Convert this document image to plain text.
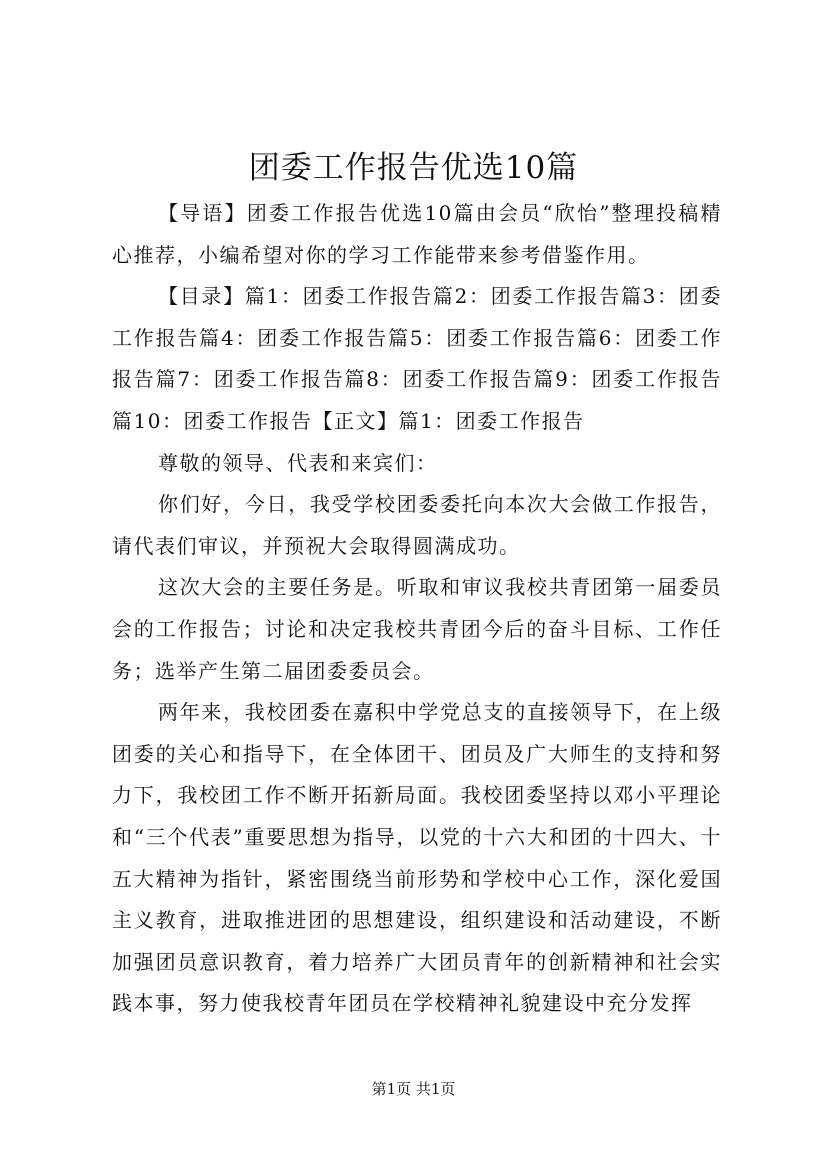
团委工作报告优选10篇

【导语】团委工作报告优选10篇由会员“欣怡”整理投稿精心推荐，小编希望对你的学习工作能带来参考借鉴作用。

【目录】篇1：团委工作报告篇2：团委工作报告篇3：团委工作报告篇4：团委工作报告篇5：团委工作报告篇6：团委工作报告篇7：团委工作报告篇8：团委工作报告篇9：团委工作报告篇10：团委工作报告【正文】篇1：团委工作报告

尊敬的领导、代表和来宾们：

你们好，今日，我受学校团委委托向本次大会做工作报告，请代表们审议，并预祝大会取得圆满成功。

这次大会的主要任务是。听取和审议我校共青团第一届委员会的工作报告；讨论和决定我校共青团今后的奋斗目标、工作任务；选举产生第二届团委委员会。

两年来，我校团委在嘉积中学党总支的直接领导下，在上级团委的关心和指导下，在全体团干、团员及广大师生的支持和努力下，我校团工作不断开拓新局面。我校团委坚持以邓小平理论和“三个代表”重要思想为指导，以党的十六大和团的十四大、十五大精神为指针，紧密围绕当前形势和学校中心工作，深化爱国主义教育，进取推进团的思想建设，组织建设和活动建设，不断加强团员意识教育，着力培养广大团员青年的创新精神和社会实践本事，努力使我校青年团员在学校精神礼貌建设中充分发挥

第1页 共1页
